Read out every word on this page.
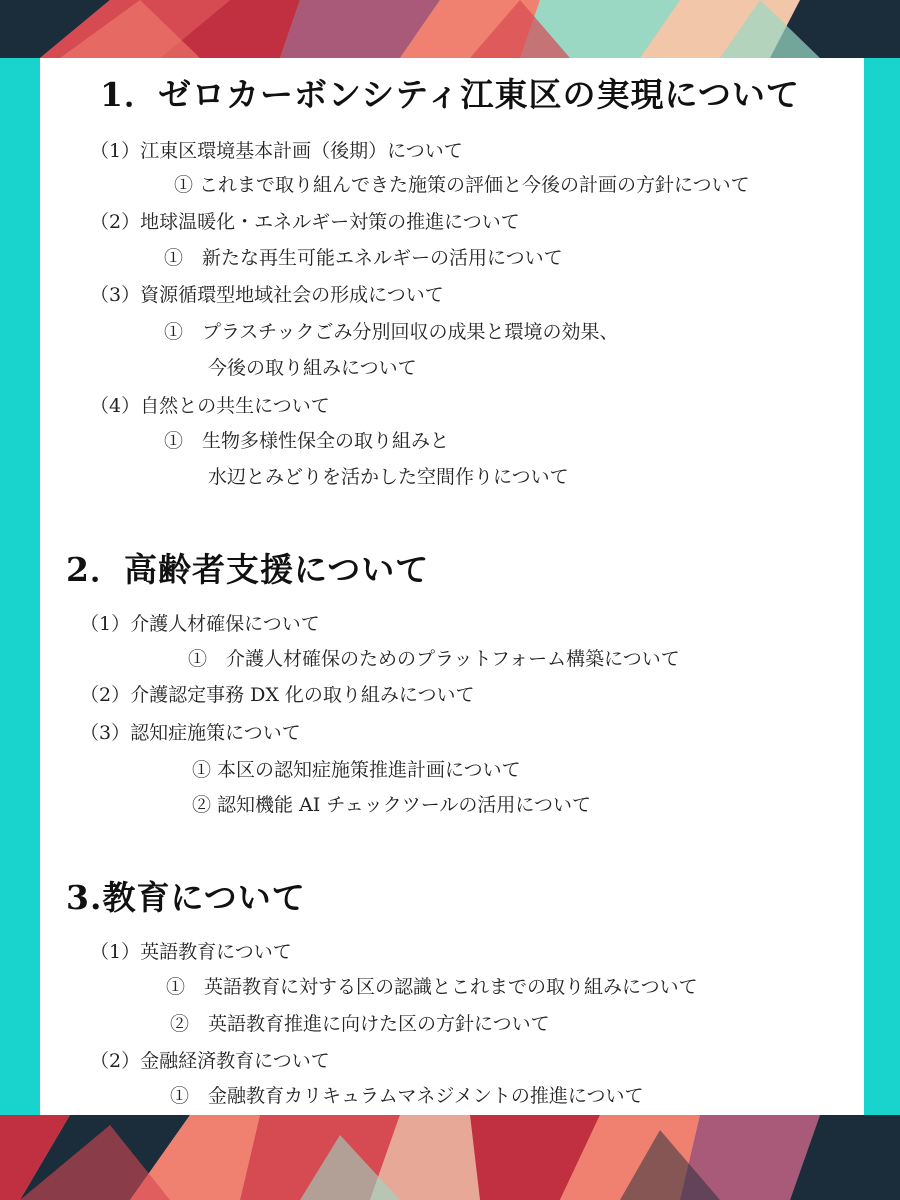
1．ゼロカーボンシティ江東区の実現について
（1）江東区環境基本計画（後期）について
① これまで取り組んできた施策の評価と今後の計画の方針について
（2）地球温暖化・エネルギー対策の推進について
①　新たな再生可能エネルギーの活用について
（3）資源循環型地域社会の形成について
①　プラスチックごみ分別回収の成果と環境の効果、
今後の取り組みについて
（4）自然との共生について
①　生物多様性保全の取り組みと
水辺とみどりを活かした空間作りについて
2．高齢者支援について
（1）介護人材確保について
①　介護人材確保のためのプラットフォーム構築について
（2）介護認定事務 DX 化の取り組みについて
（3）認知症施策について
① 本区の認知症施策推進計画について
② 認知機能 AI チェックツールの活用について
3.教育について
（1）英語教育について
①　英語教育に対する区の認識とこれまでの取り組みについて
②　英語教育推進に向けた区の方針について
（2）金融経済教育について
①　金融教育カリキュラムマネジメントの推進について
